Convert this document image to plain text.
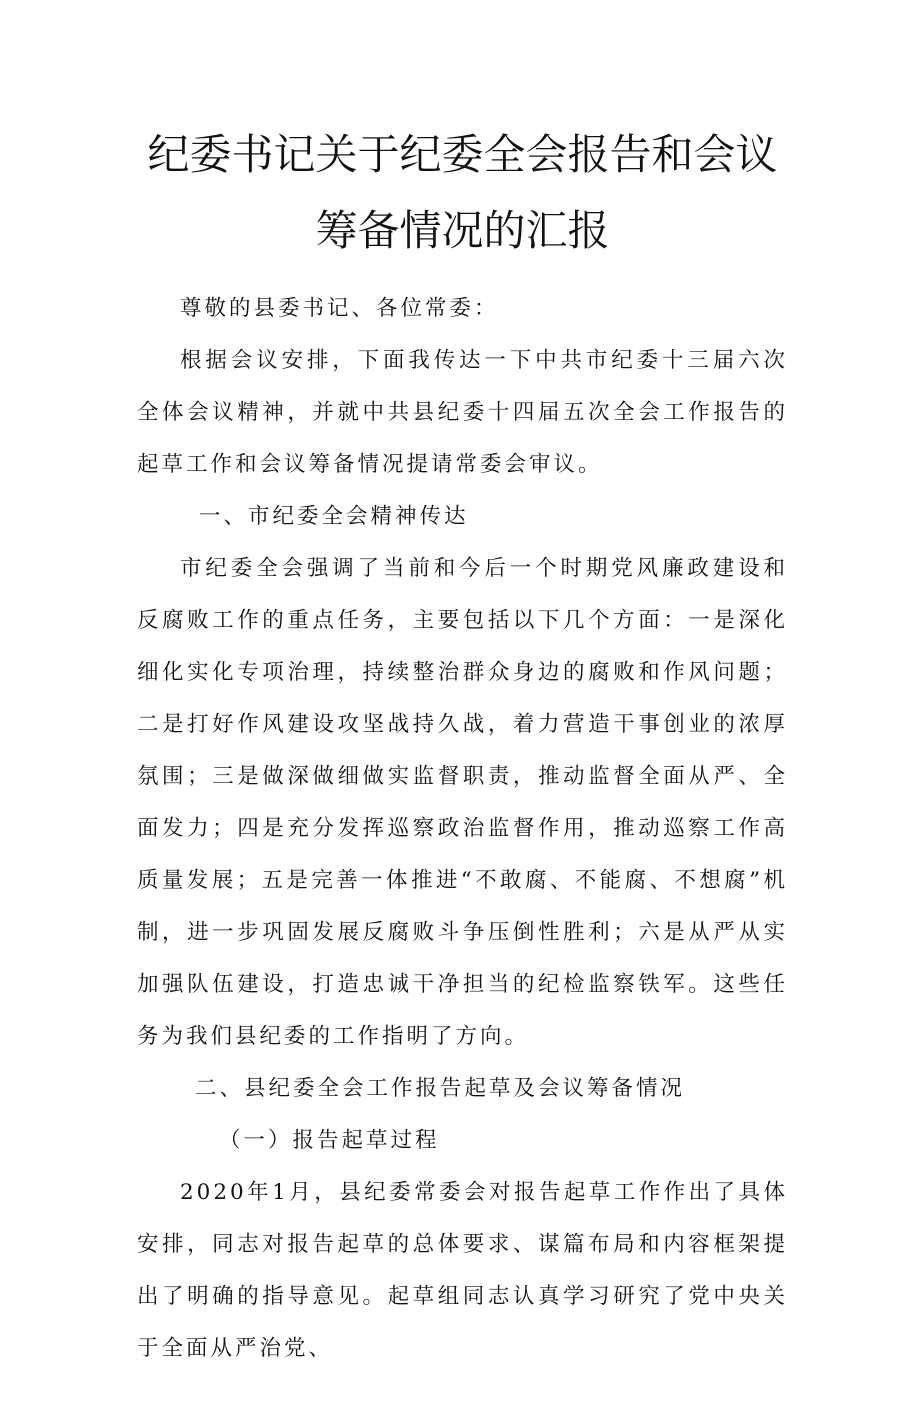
纪委书记关于纪委全会报告和会议
筹备情况的汇报

尊敬的县委书记、各位常委：

根据会议安排，下面我传达一下中共市纪委十三届六次全体会议精神，并就中共县纪委十四届五次全会工作报告的起草工作和会议筹备情况提请常委会审议。

一、市纪委全会精神传达

市纪委全会强调了当前和今后一个时期党风廉政建设和反腐败工作的重点任务，主要包括以下几个方面：一是深化细化实化专项治理，持续整治群众身边的腐败和作风问题；二是打好作风建设攻坚战持久战，着力营造干事创业的浓厚氛围；三是做深做细做实监督职责，推动监督全面从严、全面发力；四是充分发挥巡察政治监督作用，推动巡察工作高质量发展；五是完善一体推进“不敢腐、不能腐、不想腐”机制，进一步巩固发展反腐败斗争压倒性胜利；六是从严从实加强队伍建设，打造忠诚干净担当的纪检监察铁军。这些任务为我们县纪委的工作指明了方向。

二、县纪委全会工作报告起草及会议筹备情况

（一）报告起草过程

2020年1月，县纪委常委会对报告起草工作作出了具体安排，同志对报告起草的总体要求、谋篇布局和内容框架提出了明确的指导意见。起草组同志认真学习研究了党中央关于全面从严治党、
